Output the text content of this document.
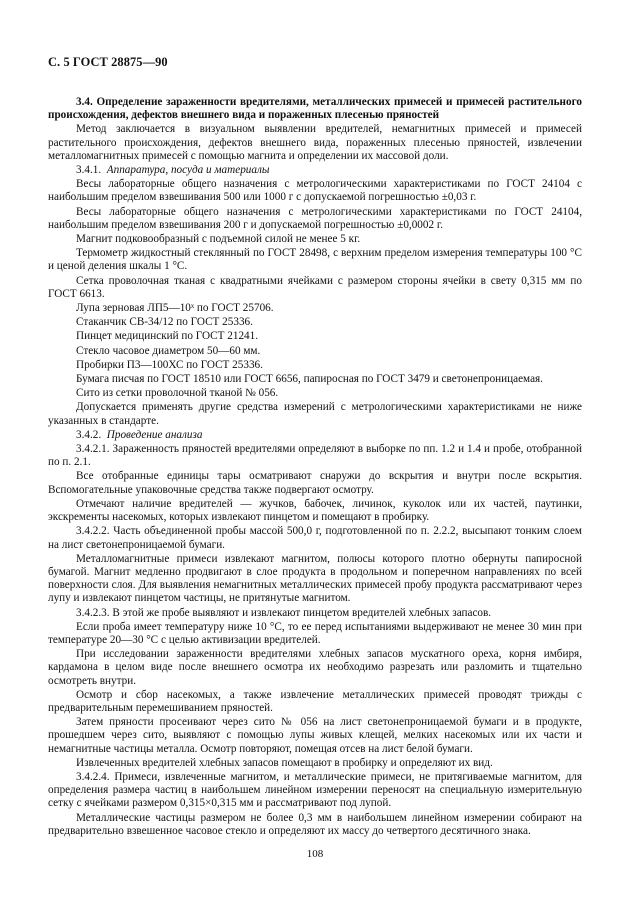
С. 5 ГОСТ 28875—90

3.4. Определение зараженности вредителями, металлических примесей и примесей растительного происхождения, дефектов внешнего вида и пораженных плесенью пряностей

Метод заключается в визуальном выявлении вредителей, немагнитных примесей и примесей растительного происхождения, дефектов внешнего вида, пораженных плесенью пряностей, извлечении металломагнитных примесей с помощью магнита и определении их массовой доли.

3.4.1. Аппаратура, посуда и материалы

Весы лабораторные общего назначения с метрологическими характеристиками по ГОСТ 24104 с наибольшим пределом взвешивания 500 или 1000 г с допускаемой погрешностью ±0,03 г.

Весы лабораторные общего назначения с метрологическими характеристиками по ГОСТ 24104, наибольшим пределом взвешивания 200 г и допускаемой погрешностью ±0,0002 г.

Магнит подковообразный с подъемной силой не менее 5 кг.

Термометр жидкостный стеклянный по ГОСТ 28498, с верхним пределом измерения температуры 100 °С и ценой деления шкалы 1 °С.

Сетка проволочная тканая с квадратными ячейками с размером стороны ячейки в свету 0,315 мм по ГОСТ 6613.

Лупа зерновая ЛП5—10ˣ по ГОСТ 25706.

Стаканчик СВ-34/12 по ГОСТ 25336.

Пинцет медицинский по ГОСТ 21241.

Стекло часовое диаметром 50—60 мм.

Пробирки П3—100ХС по ГОСТ 25336.

Бумага писчая по ГОСТ 18510 или ГОСТ 6656, папиросная по ГОСТ 3479 и светонепроницаемая.

Сито из сетки проволочной тканой № 056.

Допускается применять другие средства измерений с метрологическими характеристиками не ниже указанных в стандарте.

3.4.2. Проведение анализа

3.4.2.1. Зараженность пряностей вредителями определяют в выборке по пп. 1.2 и 1.4 и пробе, отобранной по п. 2.1.

Все отобранные единицы тары осматривают снаружи до вскрытия и внутри после вскрытия. Вспомогательные упаковочные средства также подвергают осмотру.

Отмечают наличие вредителей — жучков, бабочек, личинок, куколок или их частей, паутинки, экскременты насекомых, которых извлекают пинцетом и помещают в пробирку.

3.4.2.2. Часть объединенной пробы массой 500,0 г, подготовленной по п. 2.2.2, высыпают тонким слоем на лист светонепроницаемой бумаги.

Металломагнитные примеси извлекают магнитом, полюсы которого плотно обернуты папиросной бумагой. Магнит медленно продвигают в слое продукта в продольном и поперечном направлениях по всей поверхности слоя. Для выявления немагнитных металлических примесей пробу продукта рассматривают через лупу и извлекают пинцетом частицы, не притянутые магнитом.

3.4.2.3. В этой же пробе выявляют и извлекают пинцетом вредителей хлебных запасов.

Если проба имеет температуру ниже 10 °С, то ее перед испытаниями выдерживают не менее 30 мин при температуре 20—30 °С с целью активизации вредителей.

При исследовании зараженности вредителями хлебных запасов мускатного ореха, корня имбиря, кардамона в целом виде после внешнего осмотра их необходимо разрезать или разломить и тщательно осмотреть внутри.

Осмотр и сбор насекомых, а также извлечение металлических примесей проводят трижды с предварительным перемешиванием пряностей.

Затем пряности просеивают через сито № 056 на лист светонепроницаемой бумаги и в продукте, прошедшем через сито, выявляют с помощью лупы живых клещей, мелких насекомых или их части и немагнитные частицы металла. Осмотр повторяют, помещая отсев на лист белой бумаги.

Извлеченных вредителей хлебных запасов помещают в пробирку и определяют их вид.

3.4.2.4. Примеси, извлеченные магнитом, и металлические примеси, не притягиваемые магнитом, для определения размера частиц в наибольшем линейном измерении переносят на специальную измерительную сетку с ячейками размером 0,315×0,315 мм и рассматривают под лупой.

Металлические частицы размером не более 0,3 мм в наибольшем линейном измерении собирают на предварительно взвешенное часовое стекло и определяют их массу до четвертого десятичного знака.

108
